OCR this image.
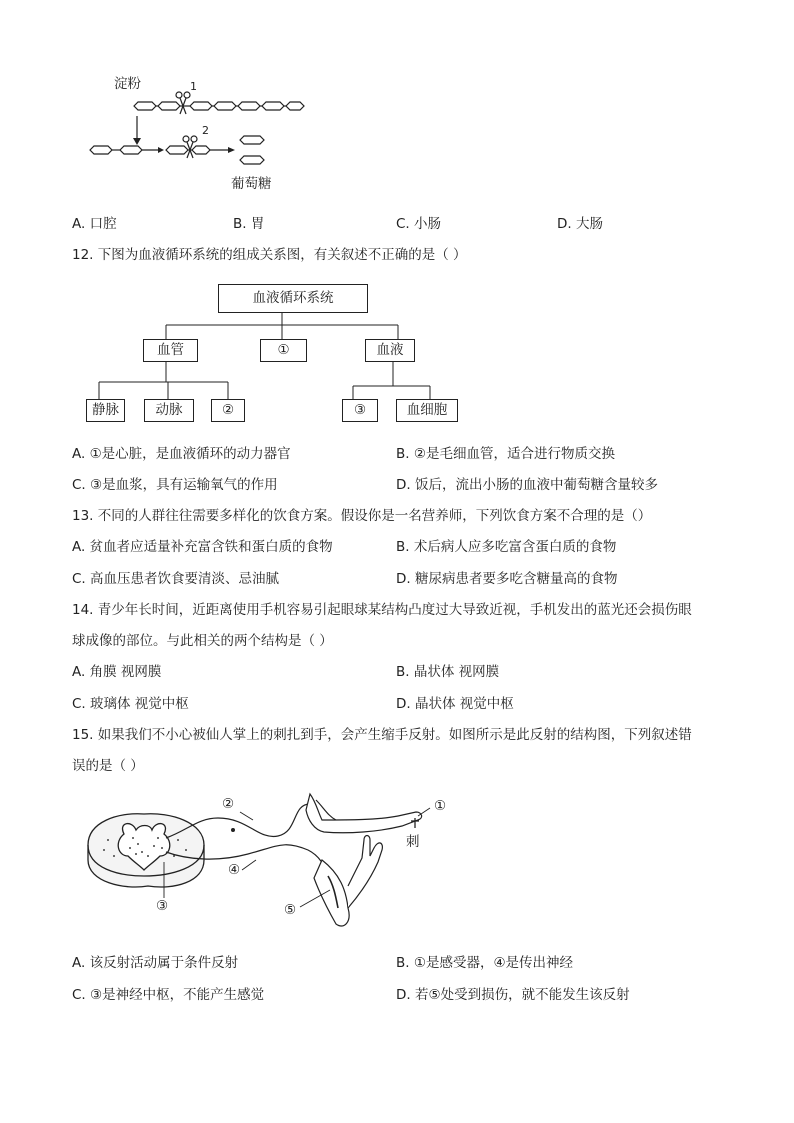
淀粉	1
2
葡萄糖
A. 口腔	B. 胃	C. 小肠	D. 大肠
12. 下图为血液循环系统的组成关系图，有关叙述不正确的是（ ）
血液循环系统
血管	①	血液
静脉	动脉	②	③	血细胞
A. ①是心脏，是血液循环的动力器官	B. ②是毛细血管，适合进行物质交换
C. ③是血浆，具有运输氧气的作用	D. 饭后，流出小肠的血液中葡萄糖含量较多
13. 不同的人群往往需要多样化的饮食方案。假设你是一名营养师，下列饮食方案不合理的是（）
A. 贫血者应适量补充富含铁和蛋白质的食物	B. 术后病人应多吃富含蛋白质的食物
C. 高血压患者饮食要清淡、忌油腻	D. 糖尿病患者要多吃含糖量高的食物
14. 青少年长时间，近距离使用手机容易引起眼球某结构凸度过大导致近视，手机发出的蓝光还会损伤眼
球成像的部位。与此相关的两个结构是（ ）
A. 角膜 视网膜	B. 晶状体 视网膜
C. 玻璃体 视觉中枢	D. 晶状体 视觉中枢
15. 如果我们不小心被仙人掌上的刺扎到手，会产生缩手反射。如图所示是此反射的结构图，下列叙述错
误的是（ ）
②	①
刺
④
③	⑤
A. 该反射活动属于条件反射	B. ①是感受器，④是传出神经
C. ③是神经中枢，不能产生感觉	D. 若⑤处受到损伤，就不能发生该反射
